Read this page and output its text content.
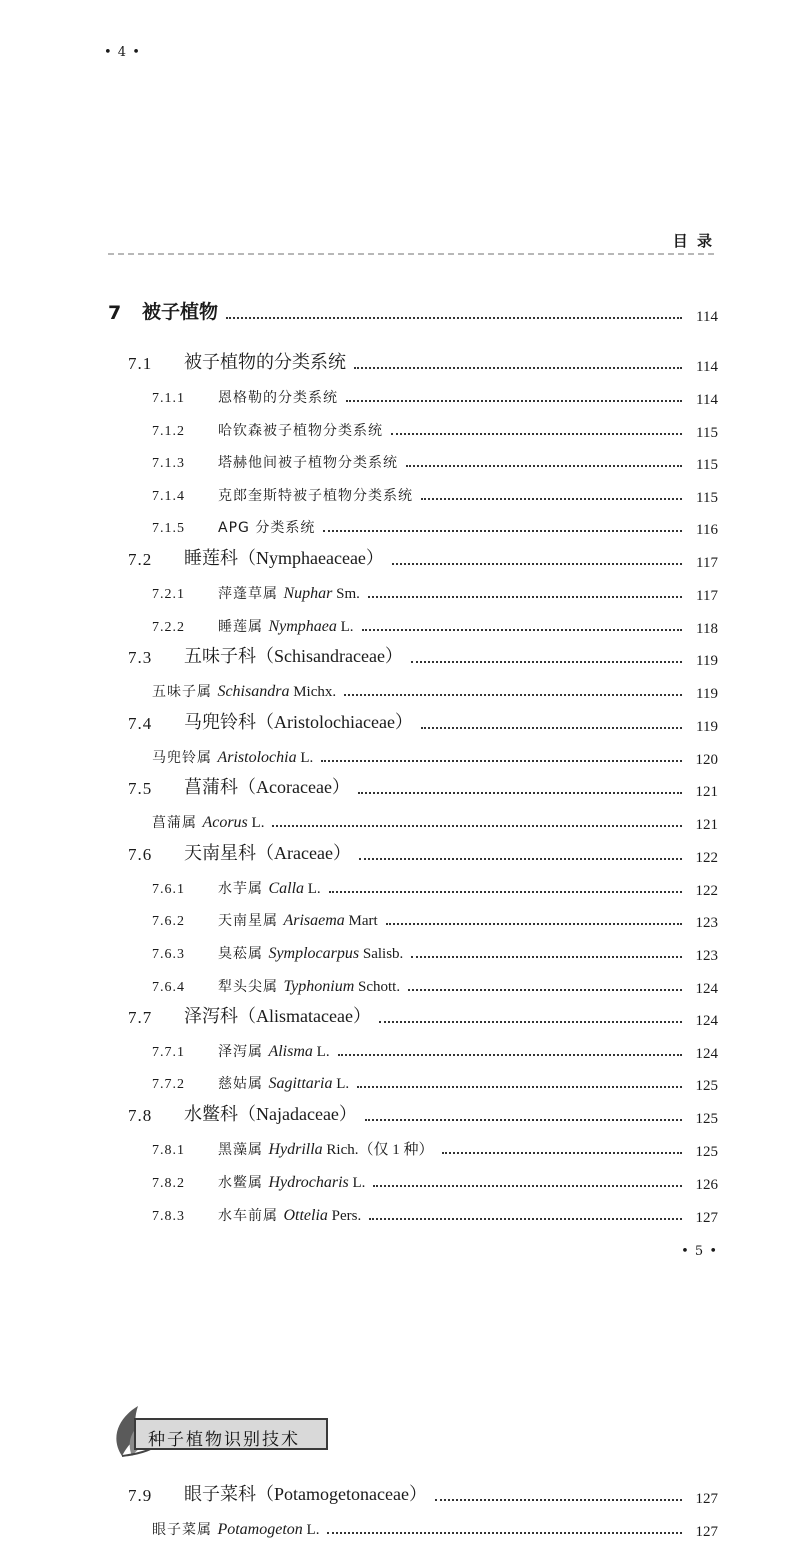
• 4 •
目 录
7 被子植物	114
7.1 被子植物的分类系统	114
7.1.1 恩格勒的分类系统	114
7.1.2 哈钦森被子植物分类系统	115
7.1.3 塔赫他间被子植物分类系统	115
7.1.4 克郎奎斯特被子植物分类系统	115
7.1.5 APG 分类系统	116
7.2 睡莲科（Nymphaeaceae）	117
7.2.1 萍蓬草属 Nuphar Sm.	117
7.2.2 睡莲属 Nymphaea L.	118
7.3 五味子科（Schisandraceae）	119
五味子属 Schisandra Michx.	119
7.4 马兜铃科（Aristolochiaceae）	119
马兜铃属 Aristolochia L.	120
7.5 菖蒲科（Acoraceae）	121
菖蒲属 Acorus L.	121
7.6 天南星科（Araceae）	122
7.6.1 水芋属 Calla L.	122
7.6.2 天南星属 Arisaema Mart	123
7.6.3 臭菘属 Symplocarpus Salisb.	123
7.6.4 犁头尖属 Typhonium Schott.	124
7.7 泽泻科（Alismataceae）	124
7.7.1 泽泻属 Alisma L.	124
7.7.2 慈姑属 Sagittaria L.	125
7.8 水鳖科（Najadaceae）	125
7.8.1 黑藻属 Hydrilla Rich.（仅 1 种）	125
7.8.2 水鳖属 Hydrocharis L.	126
7.8.3 水车前属 Ottelia Pers.	127
• 5 •
种子植物识别技术
7.9 眼子菜科（Potamogetonaceae）	127
眼子菜属 Potamogeton L.	127
